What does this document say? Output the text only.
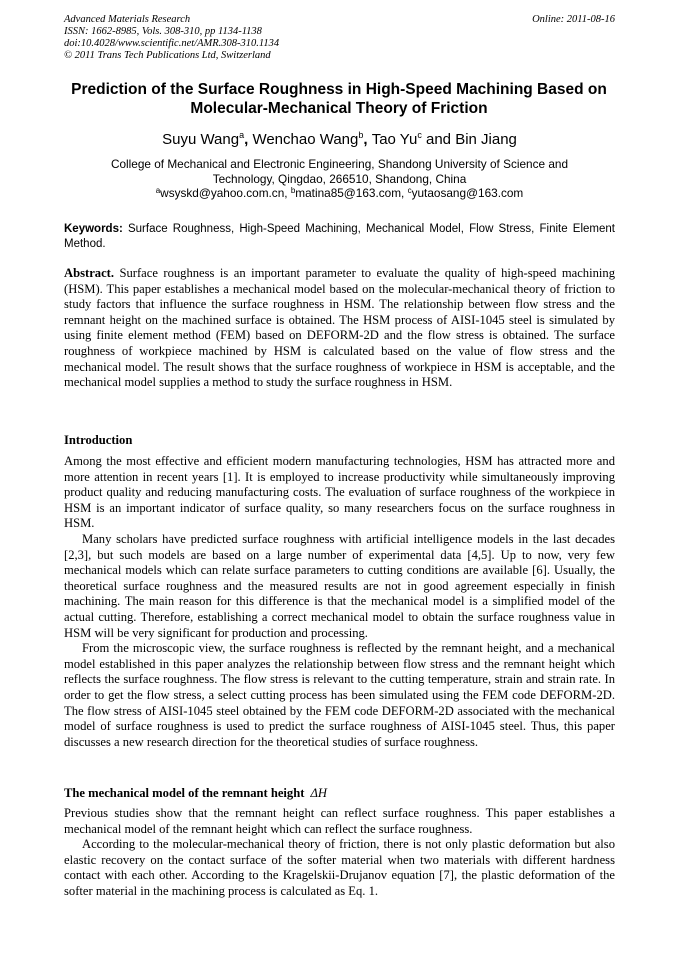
Advanced Materials Research
ISSN: 1662-8985, Vols. 308-310, pp 1134-1138
doi:10.4028/www.scientific.net/AMR.308-310.1134
© 2011 Trans Tech Publications Ltd, Switzerland
Online: 2011-08-16
Prediction of the Surface Roughness in High-Speed Machining Based on
Molecular-Mechanical Theory of Friction
Suyu Wang$^a$, Wenchao Wang$^b$, Tao Yu$^c$ and Bin Jiang
College of Mechanical and Electronic Engineering, Shandong University of Science and
Technology, Qingdao, 266510, Shandong, China
$^a$wsyskd@yahoo.com.cn, $^b$matina85@163.com, $^c$yutaosang@163.com
Keywords: Surface Roughness, High-Speed Machining, Mechanical Model, Flow Stress, Finite Element Method.
Abstract. Surface roughness is an important parameter to evaluate the quality of high-speed machining (HSM). This paper establishes a mechanical model based on the molecular-mechanical theory of friction to study factors that influence the surface roughness in HSM. The relationship between flow stress and the remnant height on the machined surface is obtained. The HSM process of AISI-1045 steel is simulated by using finite element method (FEM) based on DEFORM-2D and the flow stress is obtained. The surface roughness of workpiece machined by HSM is calculated based on the value of flow stress and the mechanical model. The result shows that the surface roughness of workpiece in HSM is acceptable, and the mechanical model supplies a method to study the surface roughness in HSM.
Introduction

Among the most effective and efficient modern manufacturing technologies, HSM has attracted more and more attention in recent years [1]. It is employed to increase productivity while simultaneously improving product quality and reducing manufacturing costs. The evaluation of surface roughness of the workpiece in HSM is an important indicator of surface quality, so many researchers focus on the surface roughness in HSM.

Many scholars have predicted surface roughness with artificial intelligence models in the last decades [2,3], but such models are based on a large number of experimental data [4,5]. Up to now, very few mechanical models which can relate surface parameters to cutting conditions are available [6]. Usually, the theoretical surface roughness and the measured results are not in good agreement especially in finish machining. The main reason for this difference is that the mechanical model is a simplified model of the actual cutting. Therefore, establishing a correct mechanical model to obtain the surface roughness value in HSM will be very significant for production and processing.

From the microscopic view, the surface roughness is reflected by the remnant height, and a mechanical model established in this paper analyzes the relationship between flow stress and the remnant height which reflects the surface roughness. The flow stress is relevant to the cutting temperature, strain and strain rate. In order to get the flow stress, a select cutting process has been simulated using the FEM code DEFORM-2D. The flow stress of AISI-1045 steel obtained by the FEM code DEFORM-2D associated with the mechanical model of surface roughness is used to predict the surface roughness of AISI-1045 steel. Thus, this paper discusses a new research direction for the theoretical studies of surface roughness.

The mechanical model of the remnant height ΔH

Previous studies show that the remnant height can reflect surface roughness. This paper establishes a mechanical model of the remnant height which can reflect the surface roughness.

According to the molecular-mechanical theory of friction, there is not only plastic deformation but also elastic recovery on the contact surface of the softer material when two materials with different hardness contact with each other. According to the Kragelskii-Drujanov equation [7], the plastic deformation of the softer material in the machining process is calculated as Eq. 1.
